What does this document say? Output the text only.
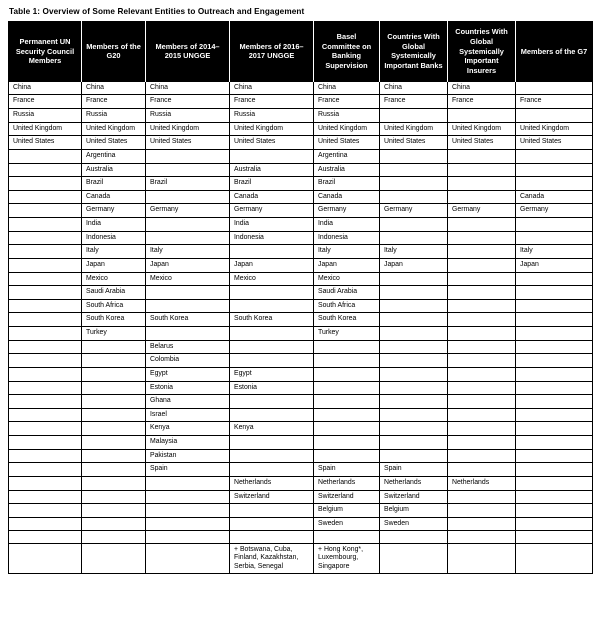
Table 1: Overview of Some Relevant Entities to Outreach and Engagement
Permanent UN Security Council Members	Members of the G20	Members of 2014–2015 UNGGE	Members of 2016–2017 UNGGE	Basel Committee on Banking Supervision	Countries With Global Systemically Important Banks	Countries With Global Systemically Important Insurers	Members of the G7
China	China	China	China	China	China	China	
France	France	France	France	France	France	France	France
Russia	Russia	Russia	Russia	Russia			
United Kingdom	United Kingdom	United Kingdom	United Kingdom	United Kingdom	United Kingdom	United Kingdom	United Kingdom
United States	United States	United States	United States	United States	United States	United States	United States
	Argentina			Argentina			
	Australia		Australia	Australia			
	Brazil	Brazil	Brazil	Brazil			
	Canada		Canada	Canada			Canada
	Germany	Germany	Germany	Germany	Germany	Germany	Germany
	India		India	India			
	Indonesia		Indonesia	Indonesia			
	Italy	Italy		Italy	Italy		Italy
	Japan	Japan	Japan	Japan	Japan		Japan
	Mexico	Mexico	Mexico	Mexico			
	Saudi Arabia			Saudi Arabia			
	South Africa			South Africa			
	South Korea	South Korea	South Korea	South Korea			
	Turkey			Turkey			
		Belarus					
		Colombia					
		Egypt	Egypt				
		Estonia	Estonia				
		Ghana					
		Israel					
		Kenya	Kenya				
		Malaysia					
		Pakistan					
		Spain		Spain	Spain		
			Netherlands	Netherlands	Netherlands	Netherlands	
			Switzerland	Switzerland	Switzerland		
				Belgium	Belgium		
				Sweden	Sweden		

			+ Botswana, Cuba, Finland, Kazakhstan, Serbia, Senegal	+ Hong Kong*, Luxembourg, Singapore			
